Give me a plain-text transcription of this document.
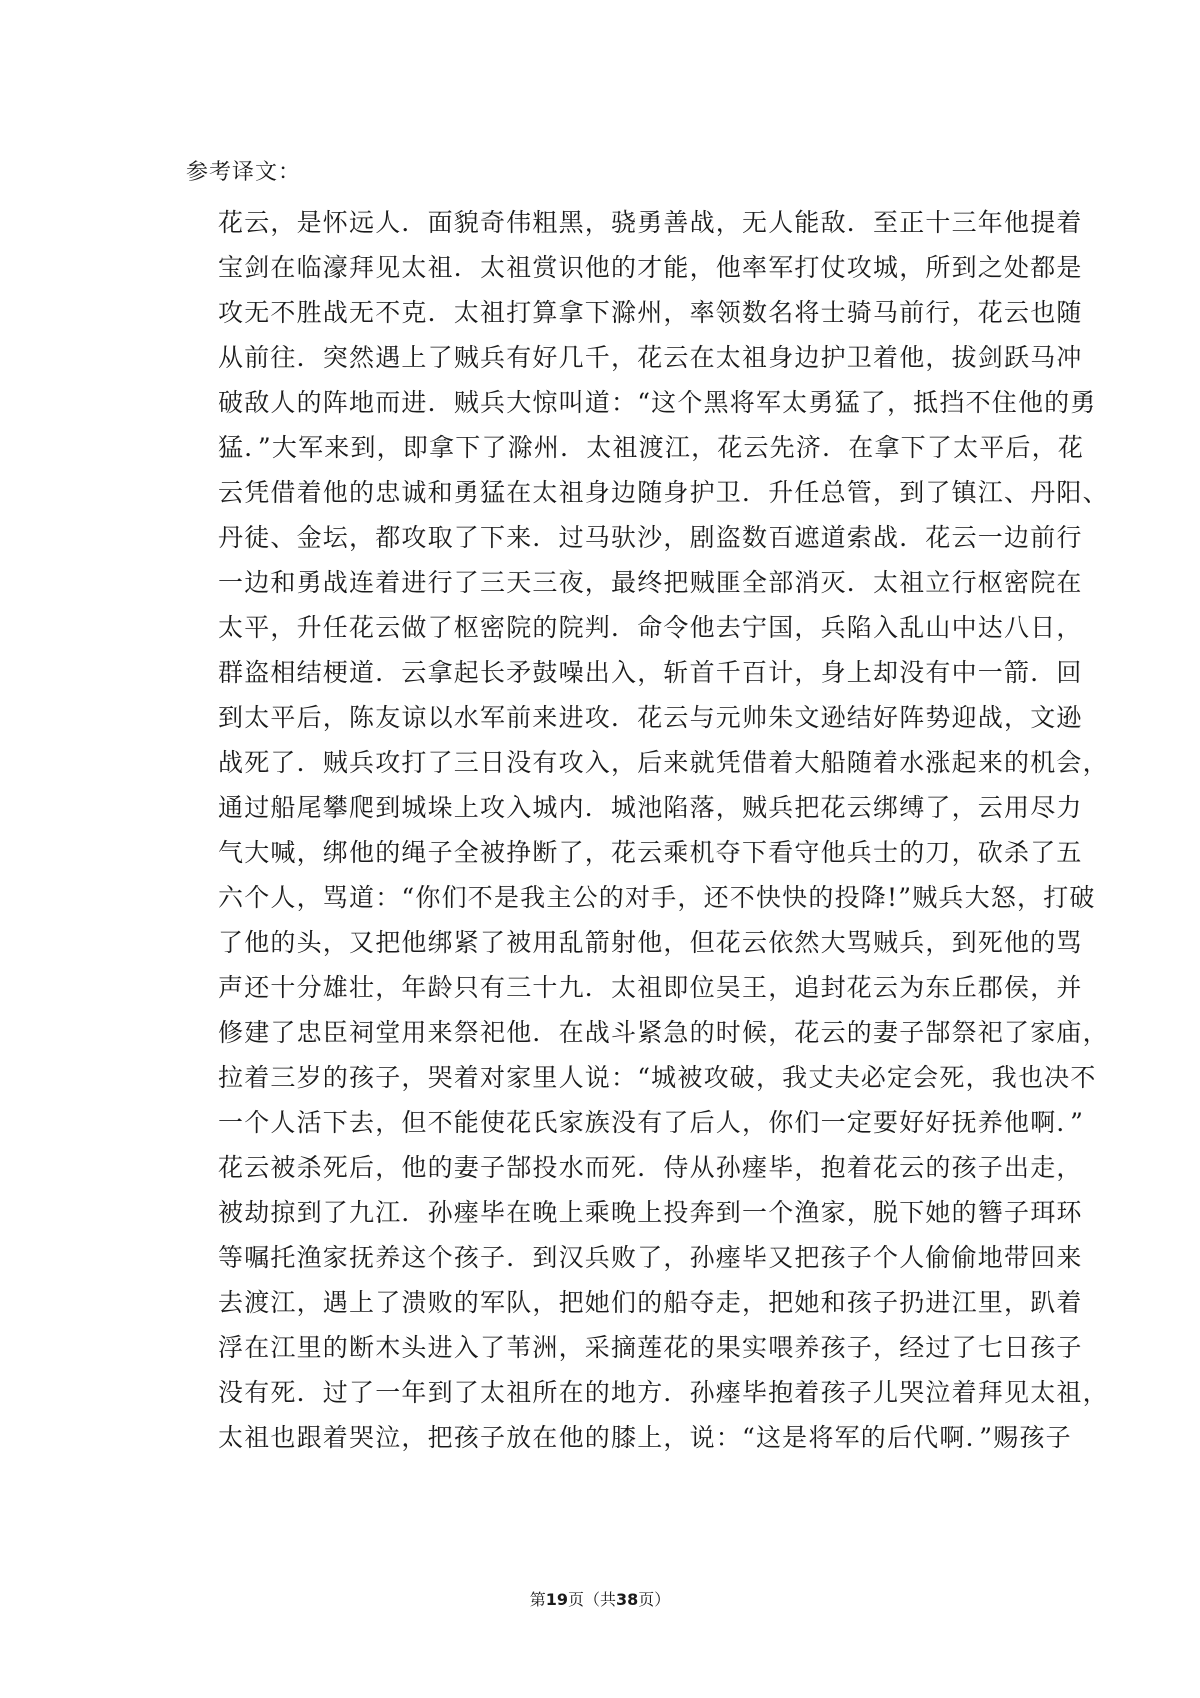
参考译文：
花云，是怀远人．面貌奇伟粗黑，骁勇善战，无人能敌．至正十三年他提着
宝剑在临濠拜见太祖．太祖赏识他的才能，他率军打仗攻城，所到之处都是
攻无不胜战无不克．太祖打算拿下滁州，率领数名将士骑马前行，花云也随
从前往．突然遇上了贼兵有好几千，花云在太祖身边护卫着他，拔剑跃马冲
破敌人的阵地而进．贼兵大惊叫道：“这个黑将军太勇猛了，抵挡不住他的勇
猛．”大军来到，即拿下了滁州．太祖渡江，花云先济．在拿下了太平后，花
云凭借着他的忠诚和勇猛在太祖身边随身护卫．升任总管，到了镇江、丹阳、
丹徒、金坛，都攻取了下来．过马驮沙，剧盗数百遮道索战．花云一边前行
一边和勇战连着进行了三天三夜，最终把贼匪全部消灭．太祖立行枢密院在
太平，升任花云做了枢密院的院判．命令他去宁国，兵陷入乱山中达八日，
群盗相结梗道．云拿起长矛鼓噪出入，斩首千百计，身上却没有中一箭．回
到太平后，陈友谅以水军前来进攻．花云与元帅朱文逊结好阵势迎战，文逊
战死了．贼兵攻打了三日没有攻入，后来就凭借着大船随着水涨起来的机会，
通过船尾攀爬到城垛上攻入城内．城池陷落，贼兵把花云绑缚了，云用尽力
气大喊，绑他的绳子全被挣断了，花云乘机夺下看守他兵士的刀，砍杀了五
六个人，骂道：“你们不是我主公的对手，还不快快的投降!”贼兵大怒，打破
了他的头，又把他绑紧了被用乱箭射他，但花云依然大骂贼兵，到死他的骂
声还十分雄壮，年龄只有三十九．太祖即位吴王，追封花云为东丘郡侯，并
修建了忠臣祠堂用来祭祀他．在战斗紧急的时候，花云的妻子郜祭祀了家庙，
拉着三岁的孩子，哭着对家里人说：“城被攻破，我丈夫必定会死，我也决不
一个人活下去，但不能使花氏家族没有了后人，你们一定要好好抚养他啊．”
花云被杀死后，他的妻子郜投水而死．侍从孙瘗毕，抱着花云的孩子出走，
被劫掠到了九江．孙瘗毕在晚上乘晚上投奔到一个渔家，脱下她的簪子珥环
等嘱托渔家抚养这个孩子．到汉兵败了，孙瘗毕又把孩子个人偷偷地带回来
去渡江，遇上了溃败的军队，把她们的船夺走，把她和孩子扔进江里，趴着
浮在江里的断木头进入了苇洲，采摘莲花的果实喂养孩子，经过了七日孩子
没有死．过了一年到了太祖所在的地方．孙瘗毕抱着孩子儿哭泣着拜见太祖，
太祖也跟着哭泣，把孩子放在他的膝上，说：“这是将军的后代啊．”赐孩子
第19页（共38页）
